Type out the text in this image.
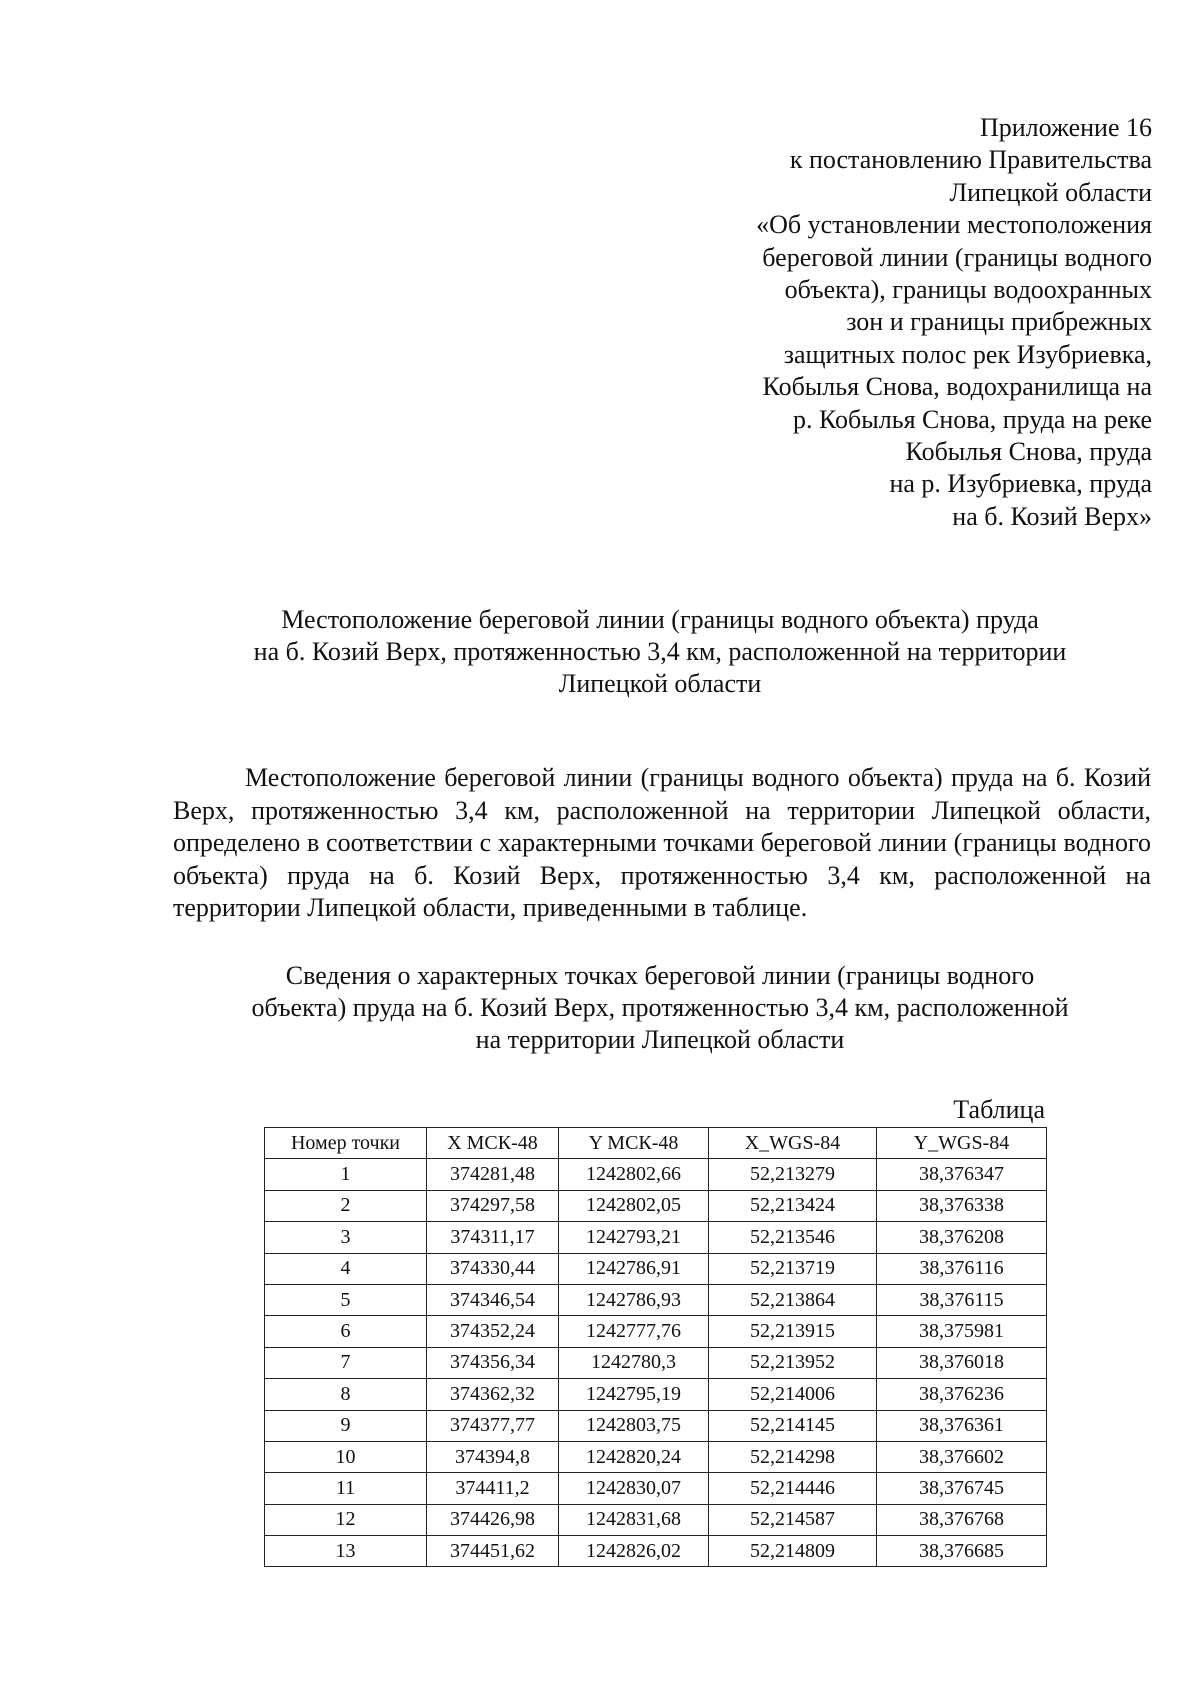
Приложение 16
к постановлению Правительства
Липецкой области
«Об установлении местоположения
береговой линии (границы водного
объекта), границы водоохранных
зон и границы прибрежных
защитных полос рек Изубриевка,
Кобылья Снова, водохранилища на
р. Кобылья Снова, пруда на реке
Кобылья Снова, пруда
на р. Изубриевка, пруда
на б. Козий Верх»
Местоположение береговой линии (границы водного объекта) пруда
на б. Козий Верх, протяженностью 3,4 км, расположенной на территории
Липецкой области

Местоположение береговой линии (границы водного объекта) пруда на б. Козий Верх, протяженностью 3,4 км, расположенной на территории Липецкой области, определено в соответствии с характерными точками береговой линии (границы водного объекта) пруда на б. Козий Верх, протяженностью 3,4 км, расположенной на территории Липецкой области, приведенными в таблице.

Сведения о характерных точках береговой линии (границы водного
объекта) пруда на б. Козий Верх, протяженностью 3,4 км, расположенной
на территории Липецкой области
Таблица
Номер точки	X МСК-48	Y МСК-48	X_WGS-84	Y_WGS-84
1	374281,48	1242802,66	52,213279	38,376347
2	374297,58	1242802,05	52,213424	38,376338
3	374311,17	1242793,21	52,213546	38,376208
4	374330,44	1242786,91	52,213719	38,376116
5	374346,54	1242786,93	52,213864	38,376115
6	374352,24	1242777,76	52,213915	38,375981
7	374356,34	1242780,3	52,213952	38,376018
8	374362,32	1242795,19	52,214006	38,376236
9	374377,77	1242803,75	52,214145	38,376361
10	374394,8	1242820,24	52,214298	38,376602
11	374411,2	1242830,07	52,214446	38,376745
12	374426,98	1242831,68	52,214587	38,376768
13	374451,62	1242826,02	52,214809	38,376685
